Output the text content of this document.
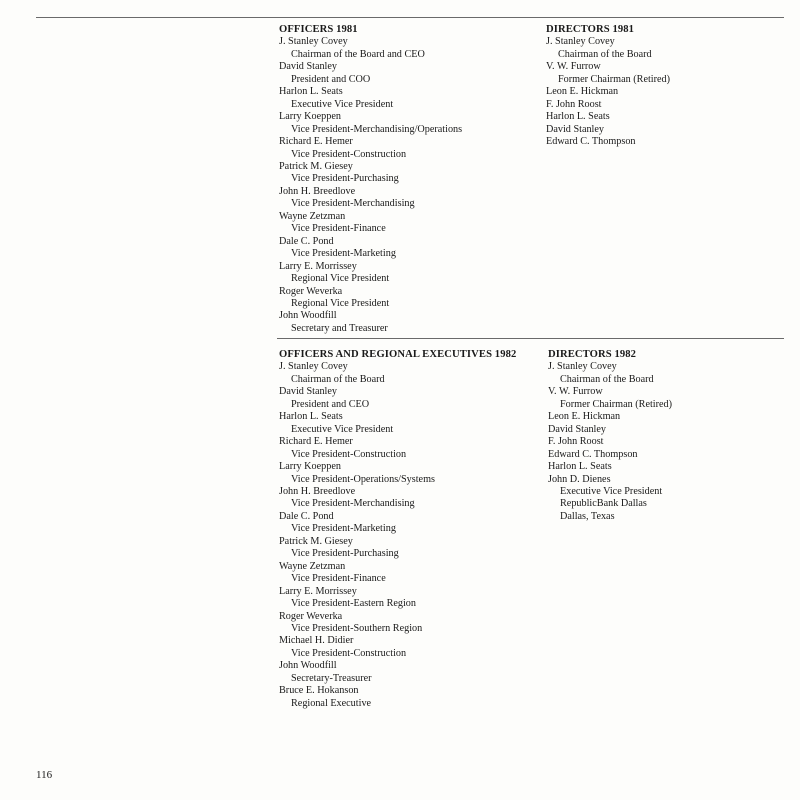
OFFICERS 1981
J. Stanley Covey
Chairman of the Board and CEO
David Stanley
President and COO
Harlon L. Seats
Executive Vice President
Larry Koeppen
Vice President-Merchandising/Operations
Richard E. Hemer
Vice President-Construction
Patrick M. Giesey
Vice President-Purchasing
John H. Breedlove
Vice President-Merchandising
Wayne Zetzman
Vice President-Finance
Dale C. Pond
Vice President-Marketing
Larry E. Morrissey
Regional Vice President
Roger Weverka
Regional Vice President
John Woodfill
Secretary and Treasurer
DIRECTORS 1981
J. Stanley Covey
Chairman of the Board
V. W. Furrow
Former Chairman (Retired)
Leon E. Hickman
F. John Roost
Harlon L. Seats
David Stanley
Edward C. Thompson
OFFICERS AND REGIONAL EXECUTIVES 1982
J. Stanley Covey
Chairman of the Board
David Stanley
President and CEO
Harlon L. Seats
Executive Vice President
Richard E. Hemer
Vice President-Construction
Larry Koeppen
Vice President-Operations/Systems
John H. Breedlove
Vice President-Merchandising
Dale C. Pond
Vice President-Marketing
Patrick M. Giesey
Vice President-Purchasing
Wayne Zetzman
Vice President-Finance
Larry E. Morrissey
Vice President-Eastern Region
Roger Weverka
Vice President-Southern Region
Michael H. Didier
Vice President-Construction
John Woodfill
Secretary-Treasurer
Bruce E. Hokanson
Regional Executive
DIRECTORS 1982
J. Stanley Covey
Chairman of the Board
V. W. Furrow
Former Chairman (Retired)
Leon E. Hickman
David Stanley
F. John Roost
Edward C. Thompson
Harlon L. Seats
John D. Dienes
Executive Vice President
RepublicBank Dallas
Dallas, Texas
116
